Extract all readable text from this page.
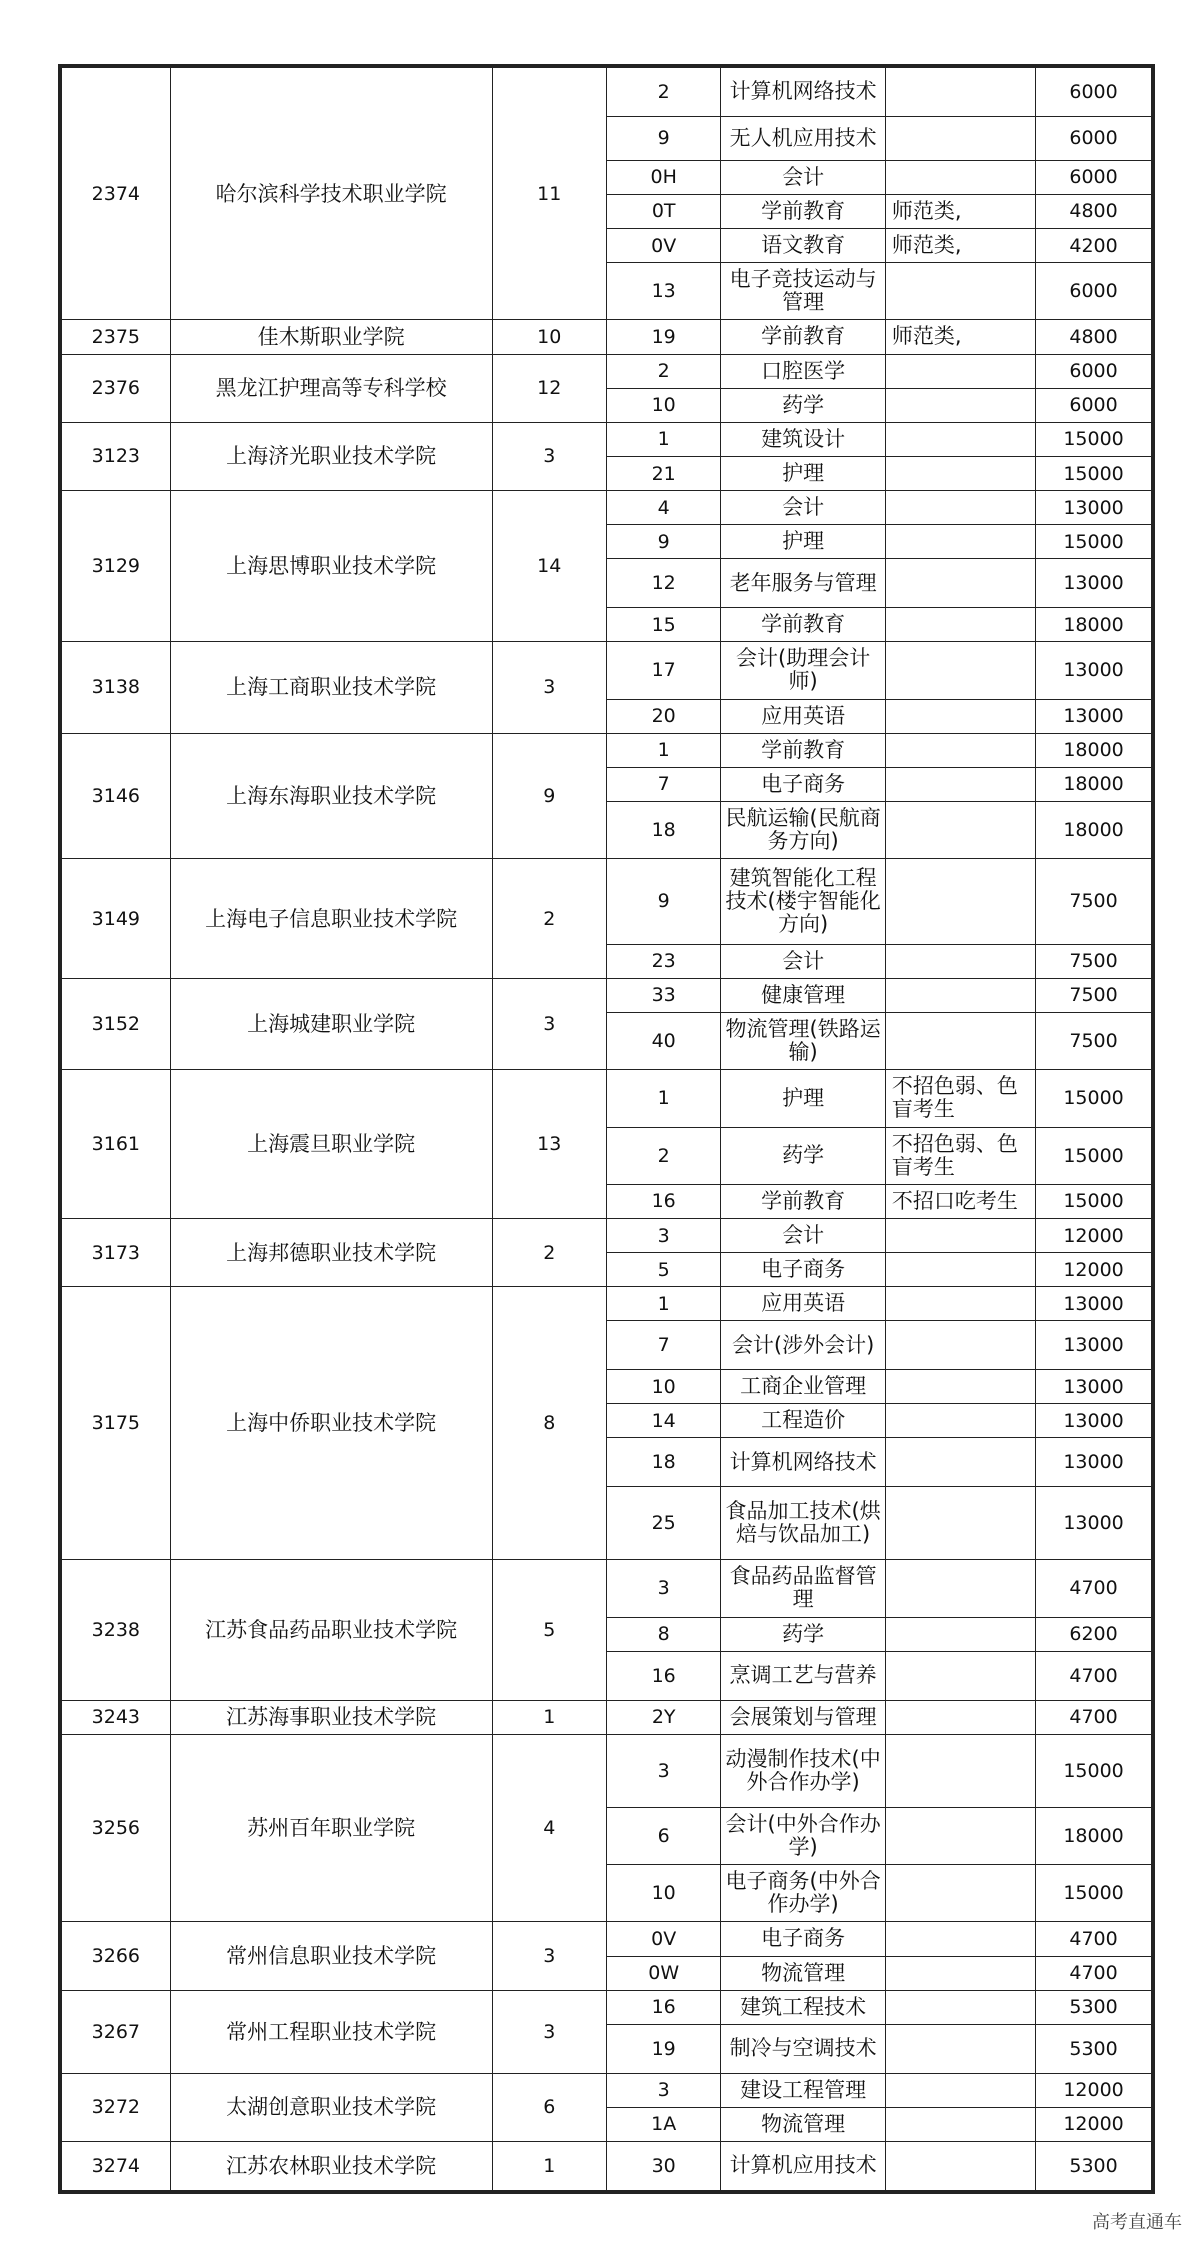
2374	哈尔滨科学技术职业学院	11	2	计算机网络技术		6000
			9	无人机应用技术		6000
			0H	会计		6000
			0T	学前教育	师范类,	4800
			0V	语文教育	师范类,	4200
			13	电子竞技运动与管理		6000
2375	佳木斯职业学院	10	19	学前教育	师范类,	4800
2376	黑龙江护理高等专科学校	12	2	口腔医学		6000
			10	药学		6000
3123	上海济光职业技术学院	3	1	建筑设计		15000
			21	护理		15000
3129	上海思博职业技术学院	14	4	会计		13000
			9	护理		15000
			12	老年服务与管理		13000
			15	学前教育		18000
3138	上海工商职业技术学院	3	17	会计(助理会计师)		13000
			20	应用英语		13000
3146	上海东海职业技术学院	9	1	学前教育		18000
			7	电子商务		18000
			18	民航运输(民航商务方向)		18000
3149	上海电子信息职业技术学院	2	9	建筑智能化工程技术(楼宇智能化方向)		7500
			23	会计		7500
3152	上海城建职业学院	3	33	健康管理		7500
			40	物流管理(铁路运输)		7500
3161	上海震旦职业学院	13	1	护理	不招色弱、色盲考生	15000
			2	药学	不招色弱、色盲考生	15000
			16	学前教育	不招口吃考生	15000
3173	上海邦德职业技术学院	2	3	会计		12000
			5	电子商务		12000
3175	上海中侨职业技术学院	8	1	应用英语		13000
			7	会计(涉外会计)		13000
			10	工商企业管理		13000
			14	工程造价		13000
			18	计算机网络技术		13000
			25	食品加工技术(烘焙与饮品加工)		13000
3238	江苏食品药品职业技术学院	5	3	食品药品监督管理		4700
			8	药学		6200
			16	烹调工艺与营养		4700
3243	江苏海事职业技术学院	1	2Y	会展策划与管理		4700
3256	苏州百年职业学院	4	3	动漫制作技术(中外合作办学)		15000
			6	会计(中外合作办学)		18000
			10	电子商务(中外合作办学)		15000
3266	常州信息职业技术学院	3	0V	电子商务		4700
			0W	物流管理		4700
3267	常州工程职业技术学院	3	16	建筑工程技术		5300
			19	制冷与空调技术		5300
3272	太湖创意职业技术学院	6	3	建设工程管理		12000
			1A	物流管理		12000
3274	江苏农林职业技术学院	1	30	计算机应用技术		5300
高考直通车
